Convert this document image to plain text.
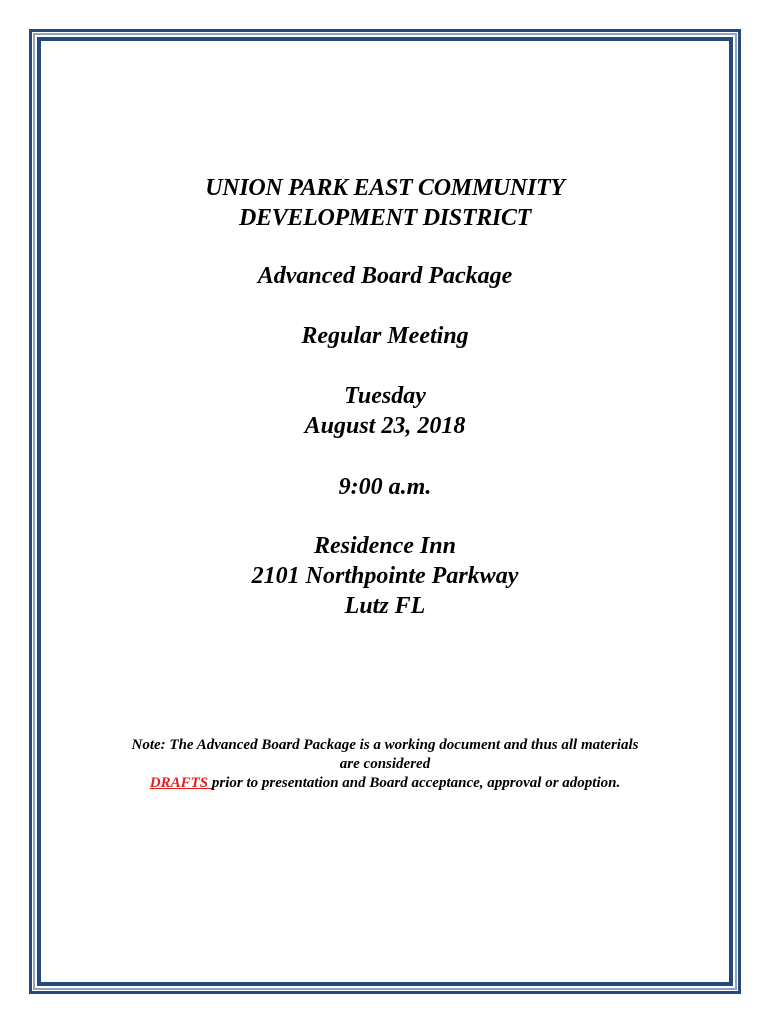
UNION PARK EAST COMMUNITY
DEVELOPMENT DISTRICT
Advanced Board Package
Regular Meeting
Tuesday
August 23, 2018
9:00 a.m.
Residence Inn
2101 Northpointe Parkway
Lutz FL
Note: The Advanced Board Package is a working document and thus all materials
are considered
DRAFTS prior to presentation and Board acceptance, approval or adoption.
